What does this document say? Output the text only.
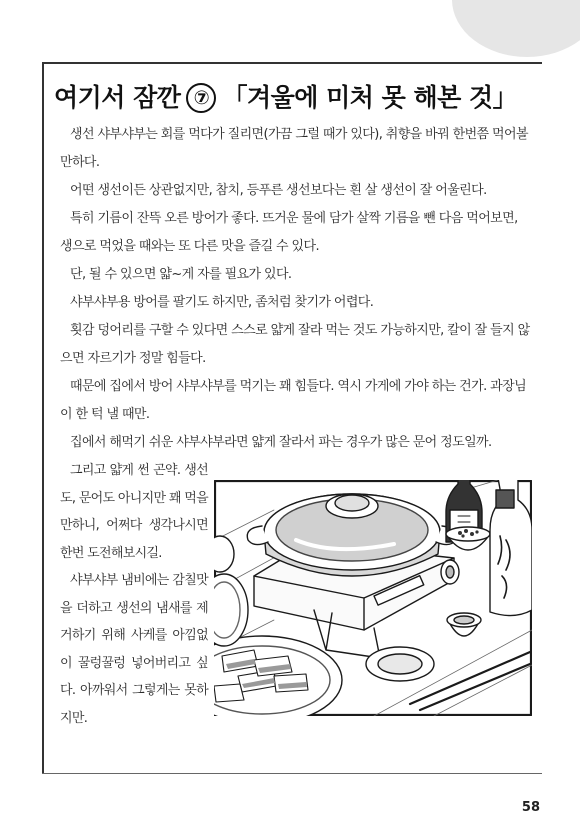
여기서 잠깐 ⑦ 「겨울에 미처 못 해본 것」

생선 샤부샤부는 회를 먹다가 질리면(가끔 그럴 때가 있다), 취향을 바꿔 한번쯤 먹어볼 만하다.

어떤 생선이든 상관없지만, 참치, 등푸른 생선보다는 흰 살 생선이 잘 어울린다.

특히 기름이 잔뜩 오른 방어가 좋다. 뜨거운 물에 담가 살짝 기름을 뺀 다음 먹어보면, 생으로 먹었을 때와는 또 다른 맛을 즐길 수 있다.

단, 될 수 있으면 얇~게 자를 필요가 있다.

샤부샤부용 방어를 팔기도 하지만, 좀처럼 찾기가 어렵다.

횟감 덩어리를 구할 수 있다면 스스로 얇게 잘라 먹는 것도 가능하지만, 칼이 잘 들지 않으면 자르기가 정말 힘들다.

때문에 집에서 방어 샤부샤부를 먹기는 꽤 힘들다. 역시 가게에 가야 하는 건가. 과장님이 한 턱 낼 때만.

집에서 해먹기 쉬운 샤부샤부라면 얇게 잘라서 파는 경우가 많은 문어 정도일까.

그리고 얇게 썬 곤약. 생선도, 문어도 아니지만 꽤 먹을 만하니, 어쩌다 생각나시면 한번 도전해보시길.

샤부샤부 냄비에는 감칠맛을 더하고 생선의 냄새를 제거하기 위해 사케를 아낌없이 꿀렁꿀렁 넣어버리고 싶다. 아까워서 그렇게는 못하지만.

58
